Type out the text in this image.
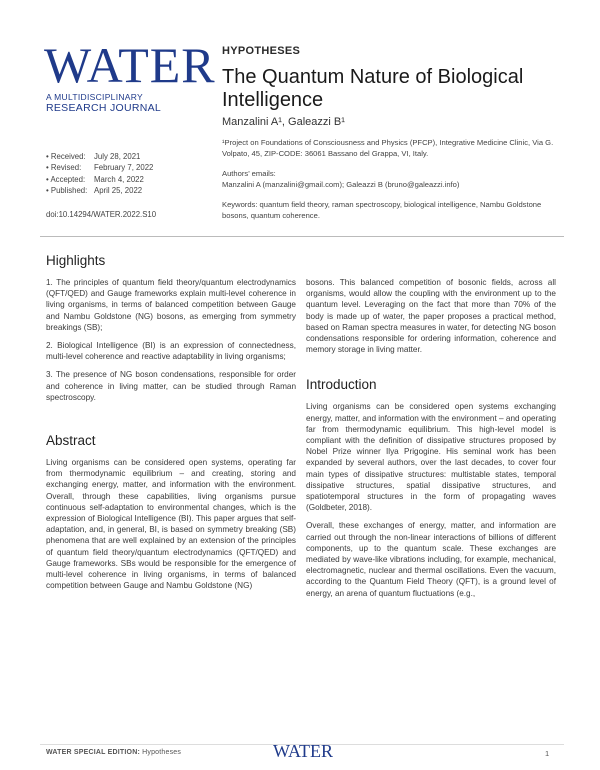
WATER
A MULTIDISCIPLINARY
RESEARCH JOURNAL
HYPOTHESES
The Quantum Nature of Biological Intelligence
Manzalini A¹, Galeazzi B¹
¹Project on Foundations of Consciousness and Physics (PFCP), Integrative Medicine Clinic, Via G. Volpato, 45, ZIP-CODE: 36061 Bassano del Grappa, VI, Italy.
Authors’ emails:
Manzalini A (manzalini@gmail.com); Galeazzi B (bruno@galeazzi.info)
Keywords: quantum field theory, raman spectroscopy, biological intelligence, Nambu Goldstone bosons, quantum coherence.
• Received:	July 28, 2021
• Revised:	February 7, 2022
• Accepted:	March 4, 2022
• Published: April 25, 2022
doi:10.14294/WATER.2022.S10
Highlights

1. The principles of quantum field theory/quantum electrodynamics (QFT/QED) and Gauge frameworks explain multi-level coherence in living organisms, in terms of balanced competition between Gauge and Nambu Goldstone (NG) bosons, as emerging from symmetry breakings (SB);

2. Biological Intelligence (BI) is an expression of connectedness, multi-level coherence and reactive adaptability in living organisms;

3. The presence of NG boson condensations, responsible for order and coherence in living matter, can be studied through Raman spectroscopy.

Abstract

Living organisms can be considered open systems, operating far from thermodynamic equilibrium – and creating, storing and exchanging energy, matter, and information with the environment. Overall, through these capabilities, living organisms pursue continuous self-adaptation to environmental changes, which is the expression of Biological Intelligence (BI). This paper argues that self-adaptation, and, in general, BI, is based on symmetry breaking (SB) phenomena that are well explained by an extension of the principles of quantum field theory/quantum electrodynamics (QFT/QED) and Gauge frameworks. SBs would be responsible for the emergence of multi-level coherence in living organisms, in terms of balanced competition between Gauge and Nambu Goldstone (NG)

bosons. This balanced competition of bosonic fields, across all organisms, would allow the coupling with the environment up to the quantum level. Leveraging on the fact that more than 70% of the body is made up of water, the paper proposes a practical method, based on Raman spectra measures in water, for detecting NG boson condensations responsible for ordering information, coherence and memory storage in living matter.

Introduction

Living organisms can be considered open systems exchanging energy, matter, and information with the environment – and operating far from thermodynamic equilibrium. This high-level model is compliant with the definition of dissipative structures proposed by Nobel Prize winner Ilya Prigogine. His seminal work has been expanded by several authors, over the last decades, to cover four main types of dissipative structures: multistable states, temporal dissipative structures, spatial dissipative structures, and spatiotemporal structures in the form of propagating waves (Goldbeter, 2018).

Overall, these exchanges of energy, matter, and information are carried out through the non-linear interactions of billions of different components, up to the quantum scale. These exchanges are mediated by wave-like vibrations including, for example, mechanical, electromagnetic, nuclear and thermal oscillations. Even the vacuum, according to the Quantum Field Theory (QFT), is a ground level of energy, an arena of quantum fluctuations (e.g.,

WATER SPECIAL EDITION: Hypotheses	WATER	1
